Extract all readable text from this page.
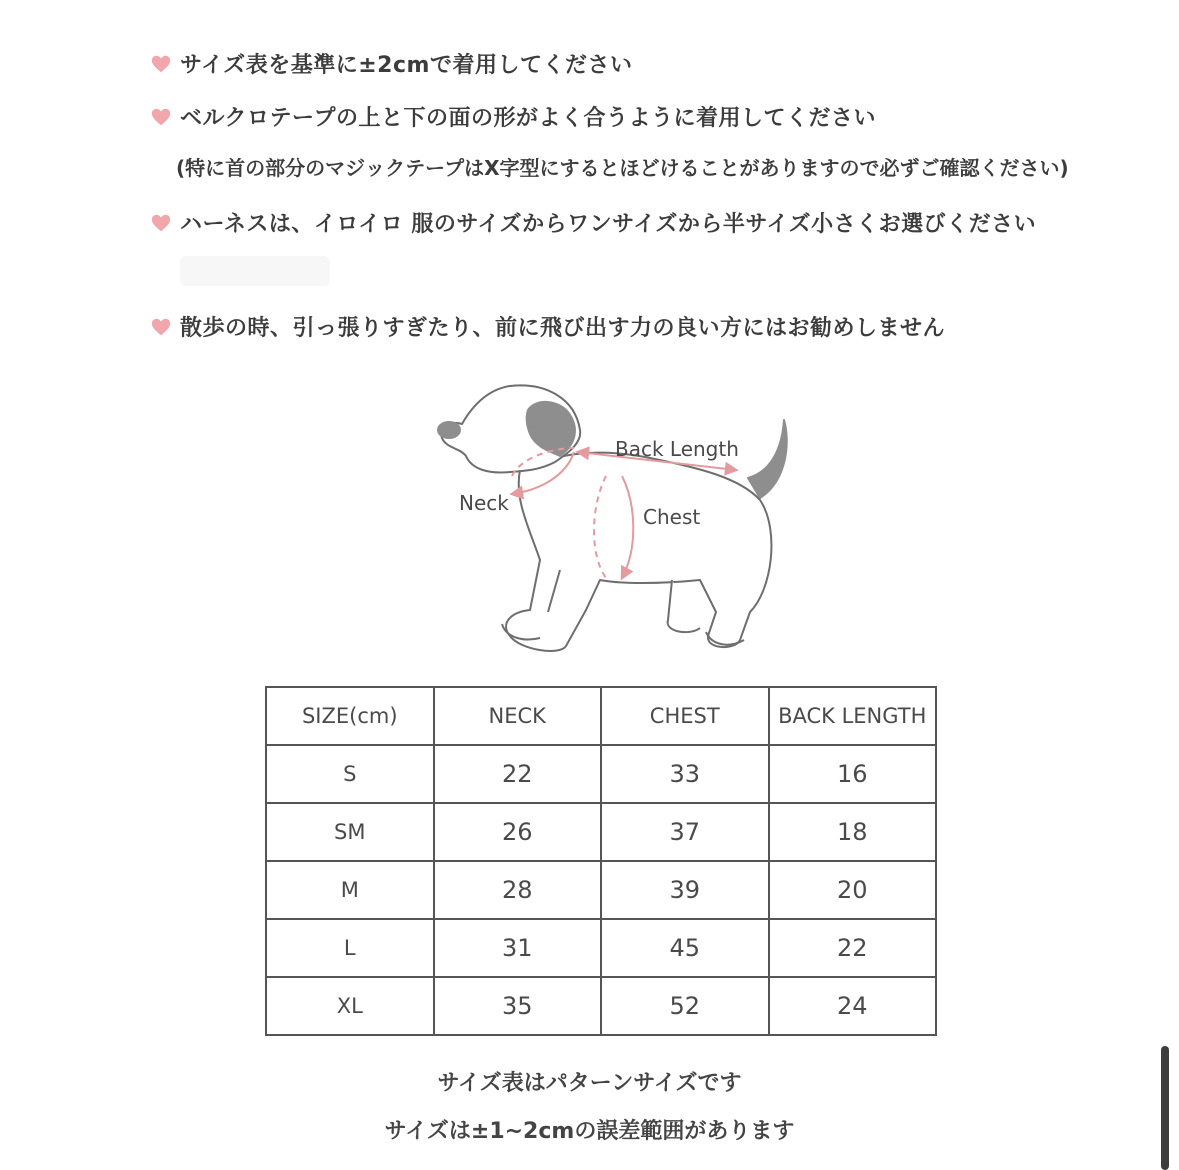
サイズ表を基準に±2cmで着用してください
ベルクロテープの上と下の面の形がよく合うように着用してください
(特に首の部分のマジックテープはX字型にするとほどけることがありますので必ずご確認ください)
ハーネスは、イロイロ 服のサイズからワンサイズから半サイズ小さくお選びください
散歩の時、引っ張りすぎたり、前に飛び出す力の良い方にはお勧めしません
Neck
Chest
Back Length
SIZE(cm)	NECK	CHEST	BACK LENGTH
S	22	33	16
SM	26	37	18
M	28	39	20
L	31	45	22
XL	35	52	24
サイズ表はパターンサイズです
サイズは±1~2cmの誤差範囲があります
